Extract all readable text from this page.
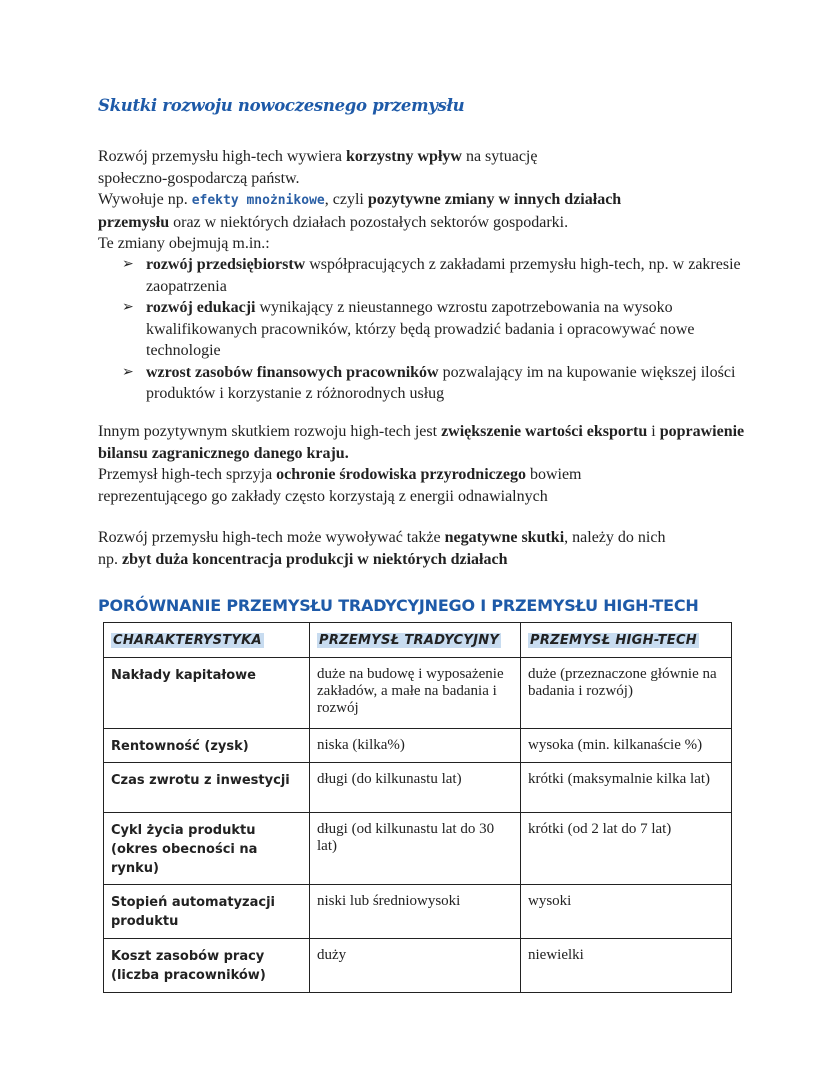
Skutki rozwoju nowoczesnego przemysłu
Rozwój przemysłu high-tech wywiera korzystny wpływ na sytuację
społeczno-gospodarczą państw.
Wywołuje np. efekty mnożnikowe, czyli pozytywne zmiany w innych działach
przemysłu oraz w niektórych działach pozostałych sektorów gospodarki.
Te zmiany obejmują m.in.:
➢ rozwój przedsiębiorstw współpracujących z zakładami przemysłu high-tech, np. w zakresie zaopatrzenia
➢ rozwój edukacji wynikający z nieustannego wzrostu zapotrzebowania na wysoko kwalifikowanych pracowników, którzy będą prowadzić badania i opracowywać nowe technologie
➢ wzrost zasobów finansowych pracowników pozwalający im na kupowanie większej ilości produktów i korzystanie z różnorodnych usług
Innym pozytywnym skutkiem rozwoju high-tech jest zwiększenie wartości eksportu i poprawienie bilansu zagranicznego danego kraju.
Przemysł high-tech sprzyja ochronie środowiska przyrodniczego bowiem
reprezentującego go zakłady często korzystają z energii odnawialnych
Rozwój przemysłu high-tech może wywoływać także negatywne skutki, należy do nich
np. zbyt duża koncentracja produkcji w niektórych działach
PORÓWNANIE PRZEMYSŁU TRADYCYJNEGO I PRZEMYSŁU HIGH-TECH
CHARAKTERYSTYKA	PRZEMYSŁ TRADYCYJNY	PRZEMYSŁ HIGH-TECH
Nakłady kapitałowe	duże na budowę i wyposażenie zakładów, a małe na badania i rozwój	duże (przeznaczone głównie na badania i rozwój)
Rentowność (zysk)	niska (kilka%)	wysoka (min. kilkanaście %)
Czas zwrotu z inwestycji	długi (do kilkunastu lat)	krótki (maksymalnie kilka lat)
Cykl życia produktu (okres obecności na rynku)	długi (od kilkunastu lat do 30 lat)	krótki (od 2 lat do 7 lat)
Stopień automatyzacji produktu	niski lub średniowysoki	wysoki
Koszt zasobów pracy (liczba pracowników)	duży	niewielki
